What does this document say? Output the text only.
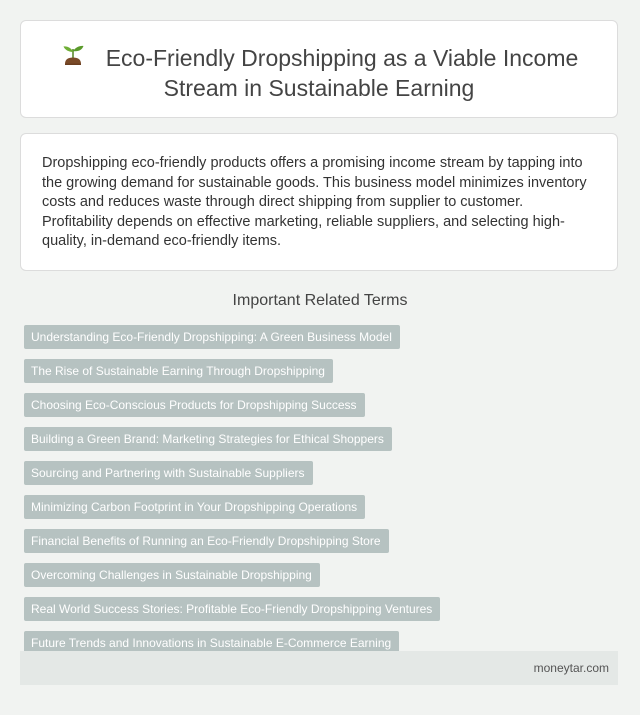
Eco-Friendly Dropshipping as a Viable Income Stream in Sustainable Earning

Dropshipping eco-friendly products offers a promising income stream by tapping into the growing demand for sustainable goods. This business model minimizes inventory costs and reduces waste through direct shipping from supplier to customer. Profitability depends on effective marketing, reliable suppliers, and selecting high-quality, in-demand eco-friendly items.

Important Related Terms
Understanding Eco-Friendly Dropshipping: A Green Business Model
The Rise of Sustainable Earning Through Dropshipping
Choosing Eco-Conscious Products for Dropshipping Success
Building a Green Brand: Marketing Strategies for Ethical Shoppers
Sourcing and Partnering with Sustainable Suppliers
Minimizing Carbon Footprint in Your Dropshipping Operations
Financial Benefits of Running an Eco-Friendly Dropshipping Store
Overcoming Challenges in Sustainable Dropshipping
Real World Success Stories: Profitable Eco-Friendly Dropshipping Ventures
Future Trends and Innovations in Sustainable E-Commerce Earning
moneytar.com
